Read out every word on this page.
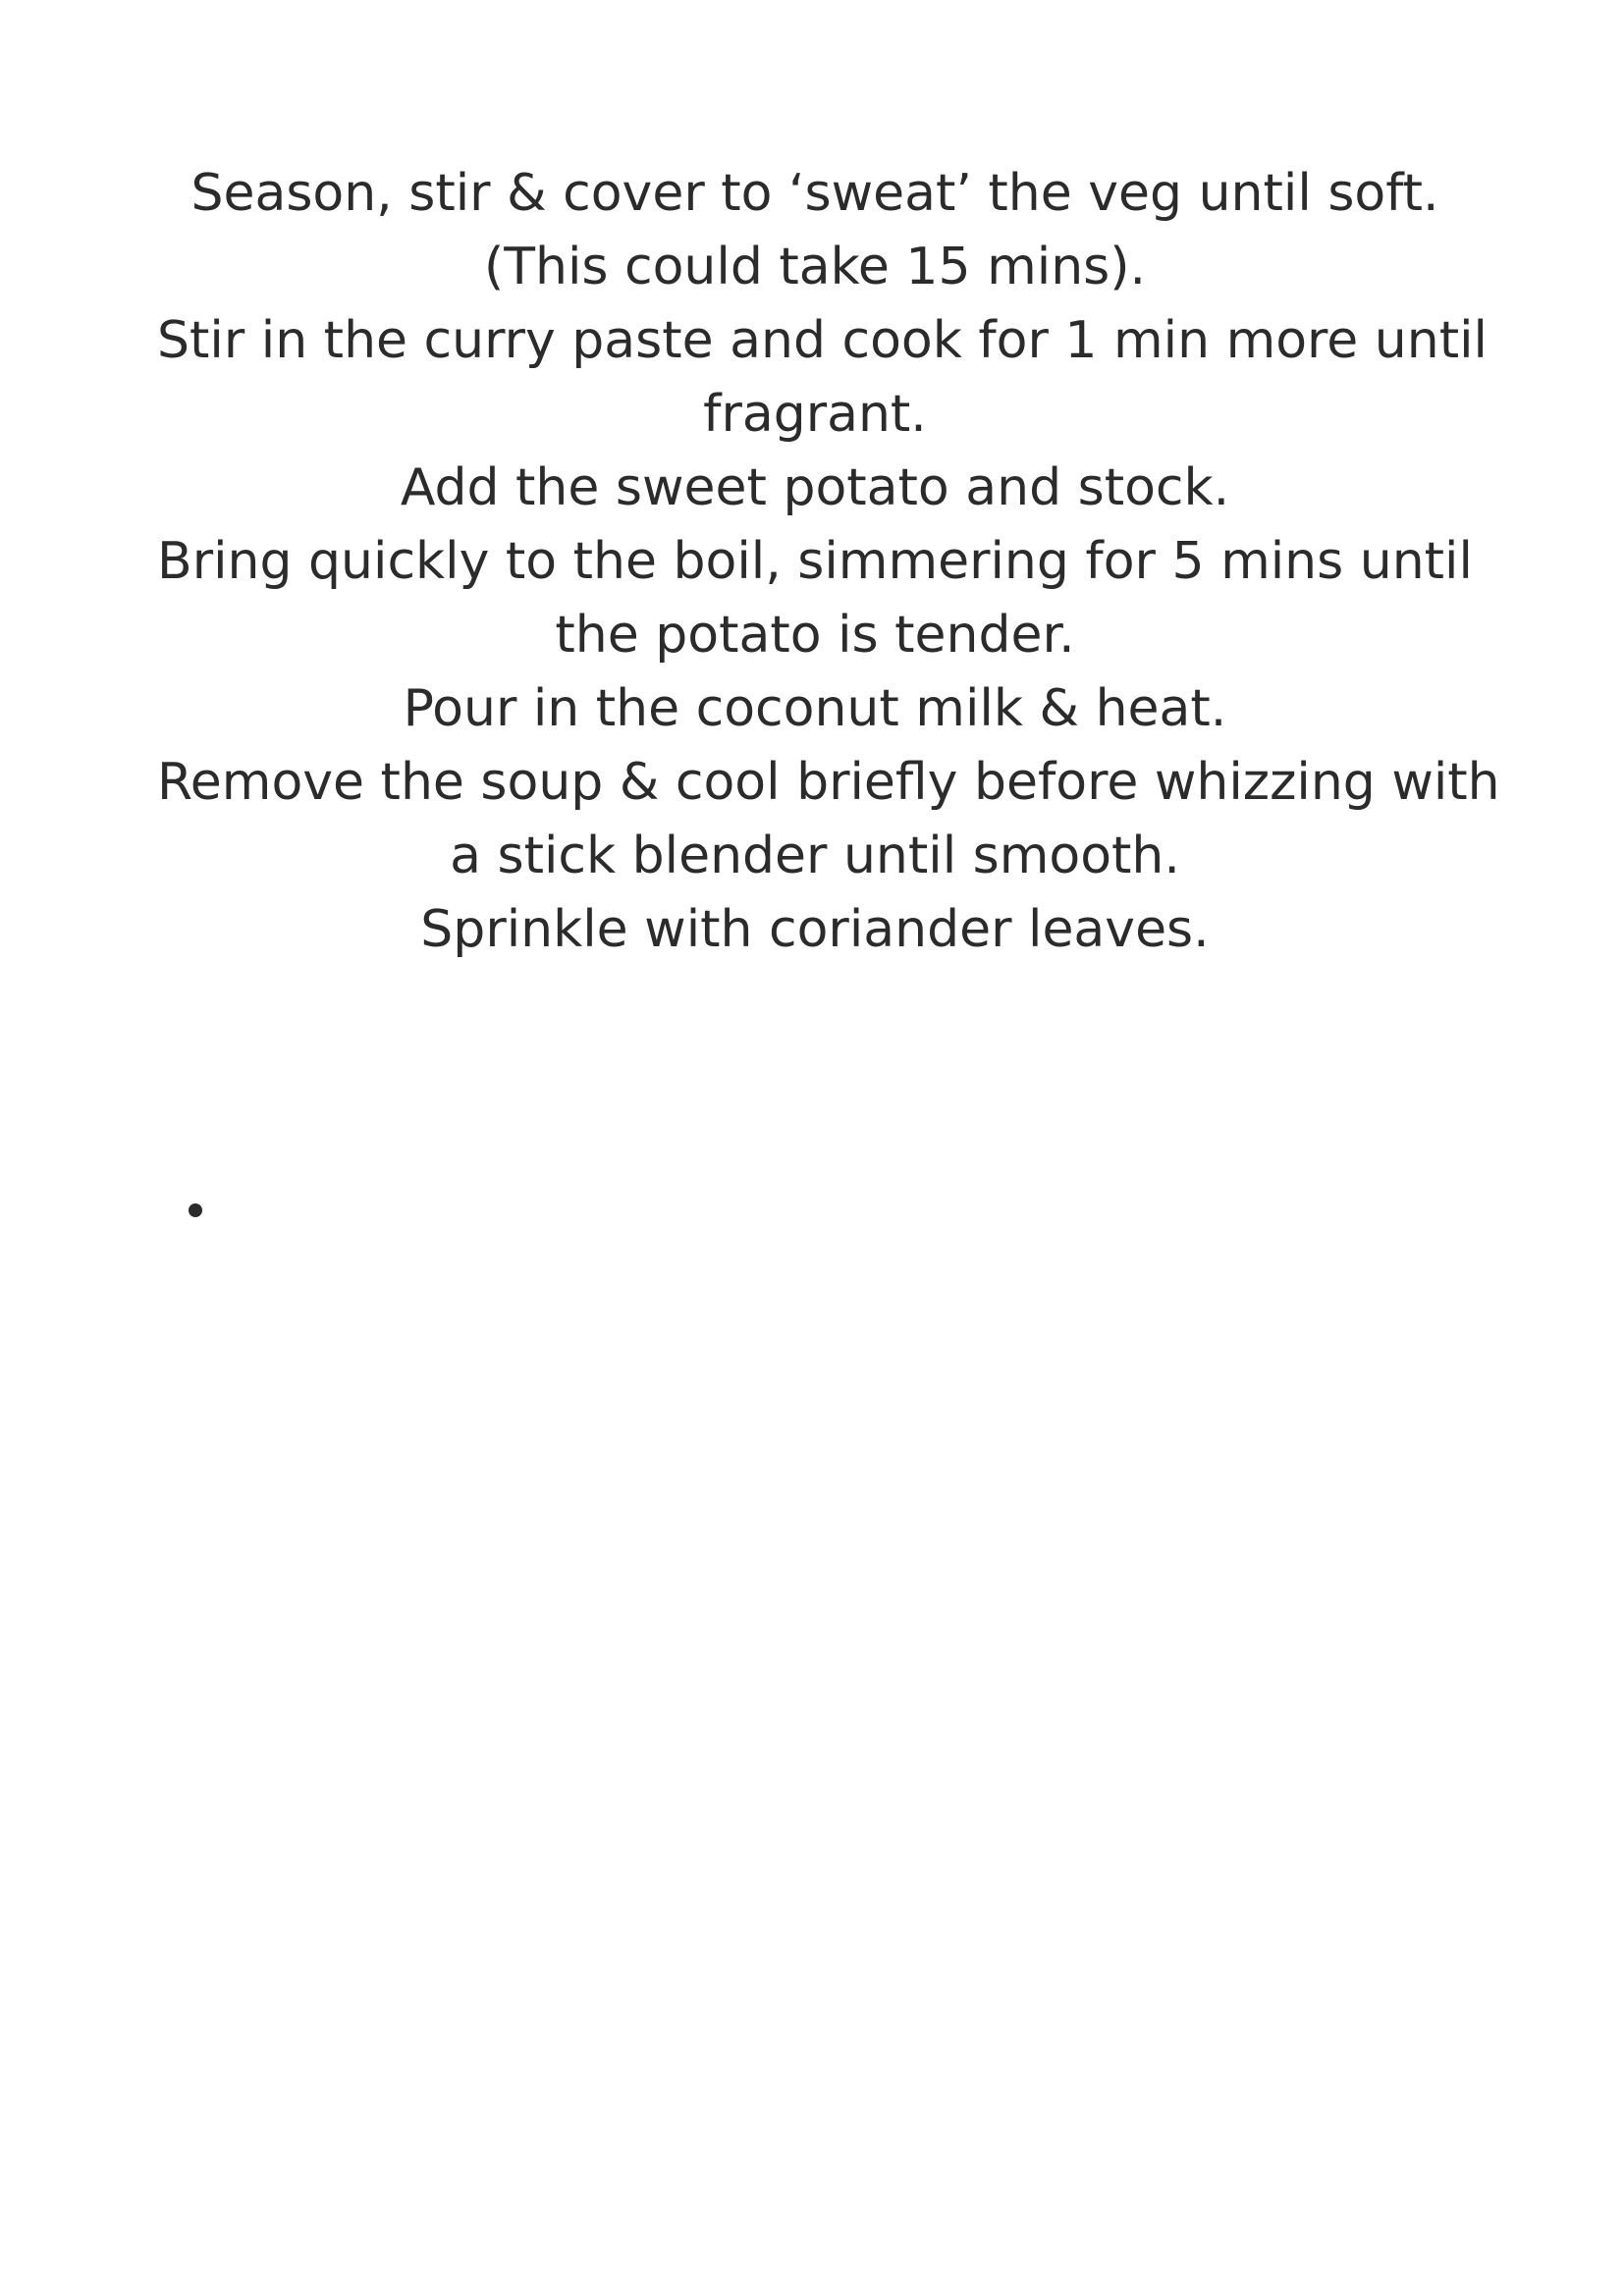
Season, stir & cover to ‘sweat’ the veg until soft.
(This could take 15 mins).
Stir in the curry paste and cook for 1 min more until
fragrant.
Add the sweet potato and stock.
Bring quickly to the boil, simmering for 5 mins until
the potato is tender.
Pour in the coconut milk & heat.
Remove the soup & cool briefly before whizzing with
a stick blender until smooth.
Sprinkle with coriander leaves.
